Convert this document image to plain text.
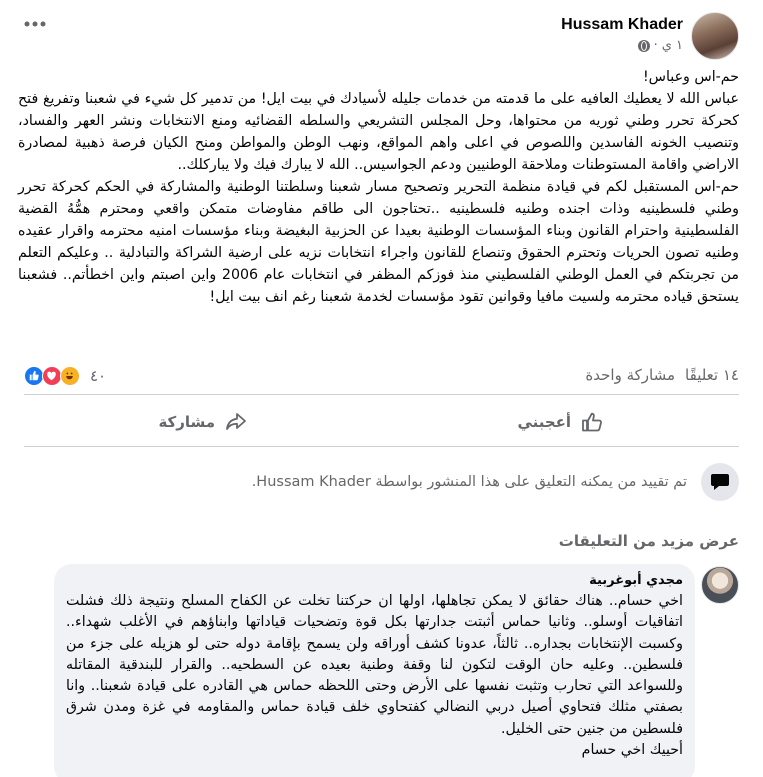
Hussam Khader
١ ي
·

حم-اس وعباس!

عباس الله لا يعطيك العافيه على ما قدمته من خدمات جليله لأسيادك في بيت ايل! من تدمير كل شيء في شعبنا وتفريغ فتح كحركة تحرر وطني ثوريه من محتواها، وحل المجلس التشريعي والسلطه القضائيه ومنع الانتخابات ونشر العهر والفساد، وتنصيب الخونه الفاسدين واللصوص في اعلى واهم المواقع، ونهب الوطن والمواطن ومنح الكيان فرصة ذهبية لمصادرة الاراضي واقامة المستوطنات وملاحقة الوطنيين ودعم الجواسيس.. الله لا يبارك فيك ولا يباركلك..

حم-اس المستقبل لكم في قيادة منظمة التحرير وتصحيح مسار شعبنا وسلطتنا الوطنية والمشاركة في الحكم كحركة تحرر وطني فلسطينيه وذات اجنده وطنيه فلسطينيه ..تحتاجون الى طاقم مفاوضات متمكن واقعي ومحترم همُّهُ القضية الفلسطينية واحترام القانون وبناء المؤسسات الوطنية بعيدا عن الحزبية البغيضة وبناء مؤسسات امنيه محترمه واقرار عقيده وطنيه تصون الحريات وتحترم الحقوق وتنصاع للقانون واجراء انتخابات نزيه على ارضية الشراكة والتبادلية .. وعليكم التعلم من تجربتكم في العمل الوطني الفلسطيني منذ فوزكم المظفر في انتخابات عام 2006 واين اصبتم واين اخطأتم.. فشعبنا يستحق قياده محترمه ولسيت مافيا وقوانين تقود مؤسسات لخدمة شعبنا رغم انف بيت ايل!

٤٠	١٤ تعليقًا
مشاركة واحدة
مشاركة	أعجبني
تم تقييد من يمكنه التعليق على هذا المنشور بواسطة Hussam Khader.
عرض مزيد من التعليقات
مجدي أبوغربية
اخي حسام.. هناك حقائق لا يمكن تجاهلها، اولها ان حركتنا تخلت عن الكفاح المسلح ونتيجة ذلك فشلت اتفاقيات أوسلو.. وثانيا حماس أثبتت جدارتها بكل قوة وتضحيات قياداتها وابناؤهم في الأغلب شهداء.. وكسبت الإنتخابات بجداره.. ثالثاً، عدونا كشف أوراقه ولن يسمح بإقامة دوله حتى لو هزيله على جزء من فلسطين.. وعليه حان الوقت لتكون لنا وقفة وطنية بعيده عن السطحيه.. والقرار للبندقية المقاتله وللسواعد التي تحارب وتثبت نفسها على الأرض وحتى اللحظه حماس هي القادره على قيادة شعبنا.. وانا بصفتي مثلك فتحاوي أصيل دربي النضالي كفتحاوي خلف قيادة حماس والمقاومه في غزة ومدن شرق فلسطين من جنين حتى الخليل.
أحييك اخي حسام
